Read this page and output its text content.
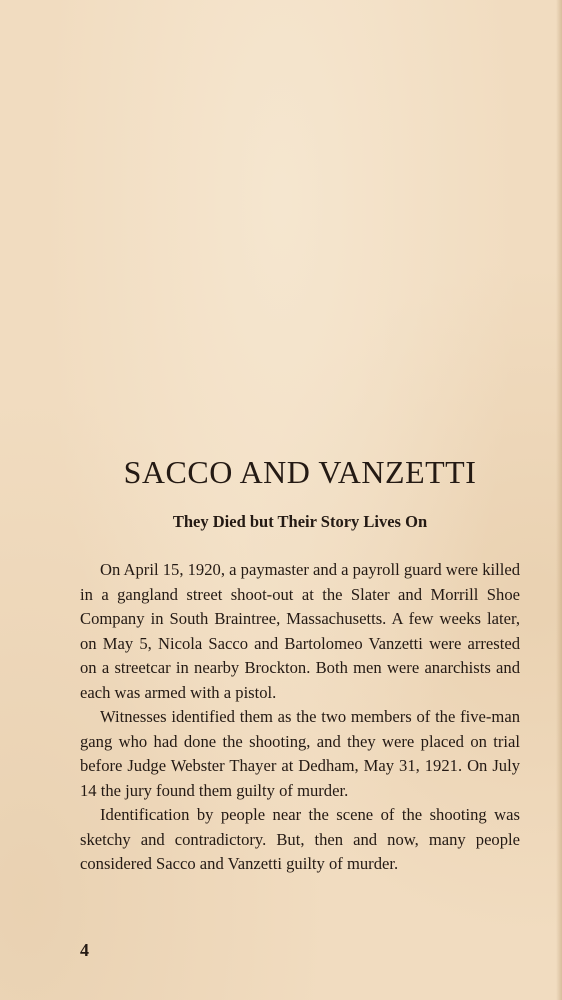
SACCO AND VANZETTI
They Died but Their Story Lives On

On April 15, 1920, a paymaster and a payroll guard were killed in a gangland street shoot-out at the Slater and Morrill Shoe Company in South Braintree, Massachusetts. A few weeks later, on May 5, Nicola Sacco and Bartolomeo Vanzetti were arrested on a streetcar in nearby Brockton. Both men were anarchists and each was armed with a pistol.

Witnesses identified them as the two members of the five-man gang who had done the shooting, and they were placed on trial before Judge Webster Thayer at Dedham, May 31, 1921. On July 14 the jury found them guilty of murder.

Identification by people near the scene of the shooting was sketchy and contradictory. But, then and now, many people considered Sacco and Vanzetti guilty of murder.

4
